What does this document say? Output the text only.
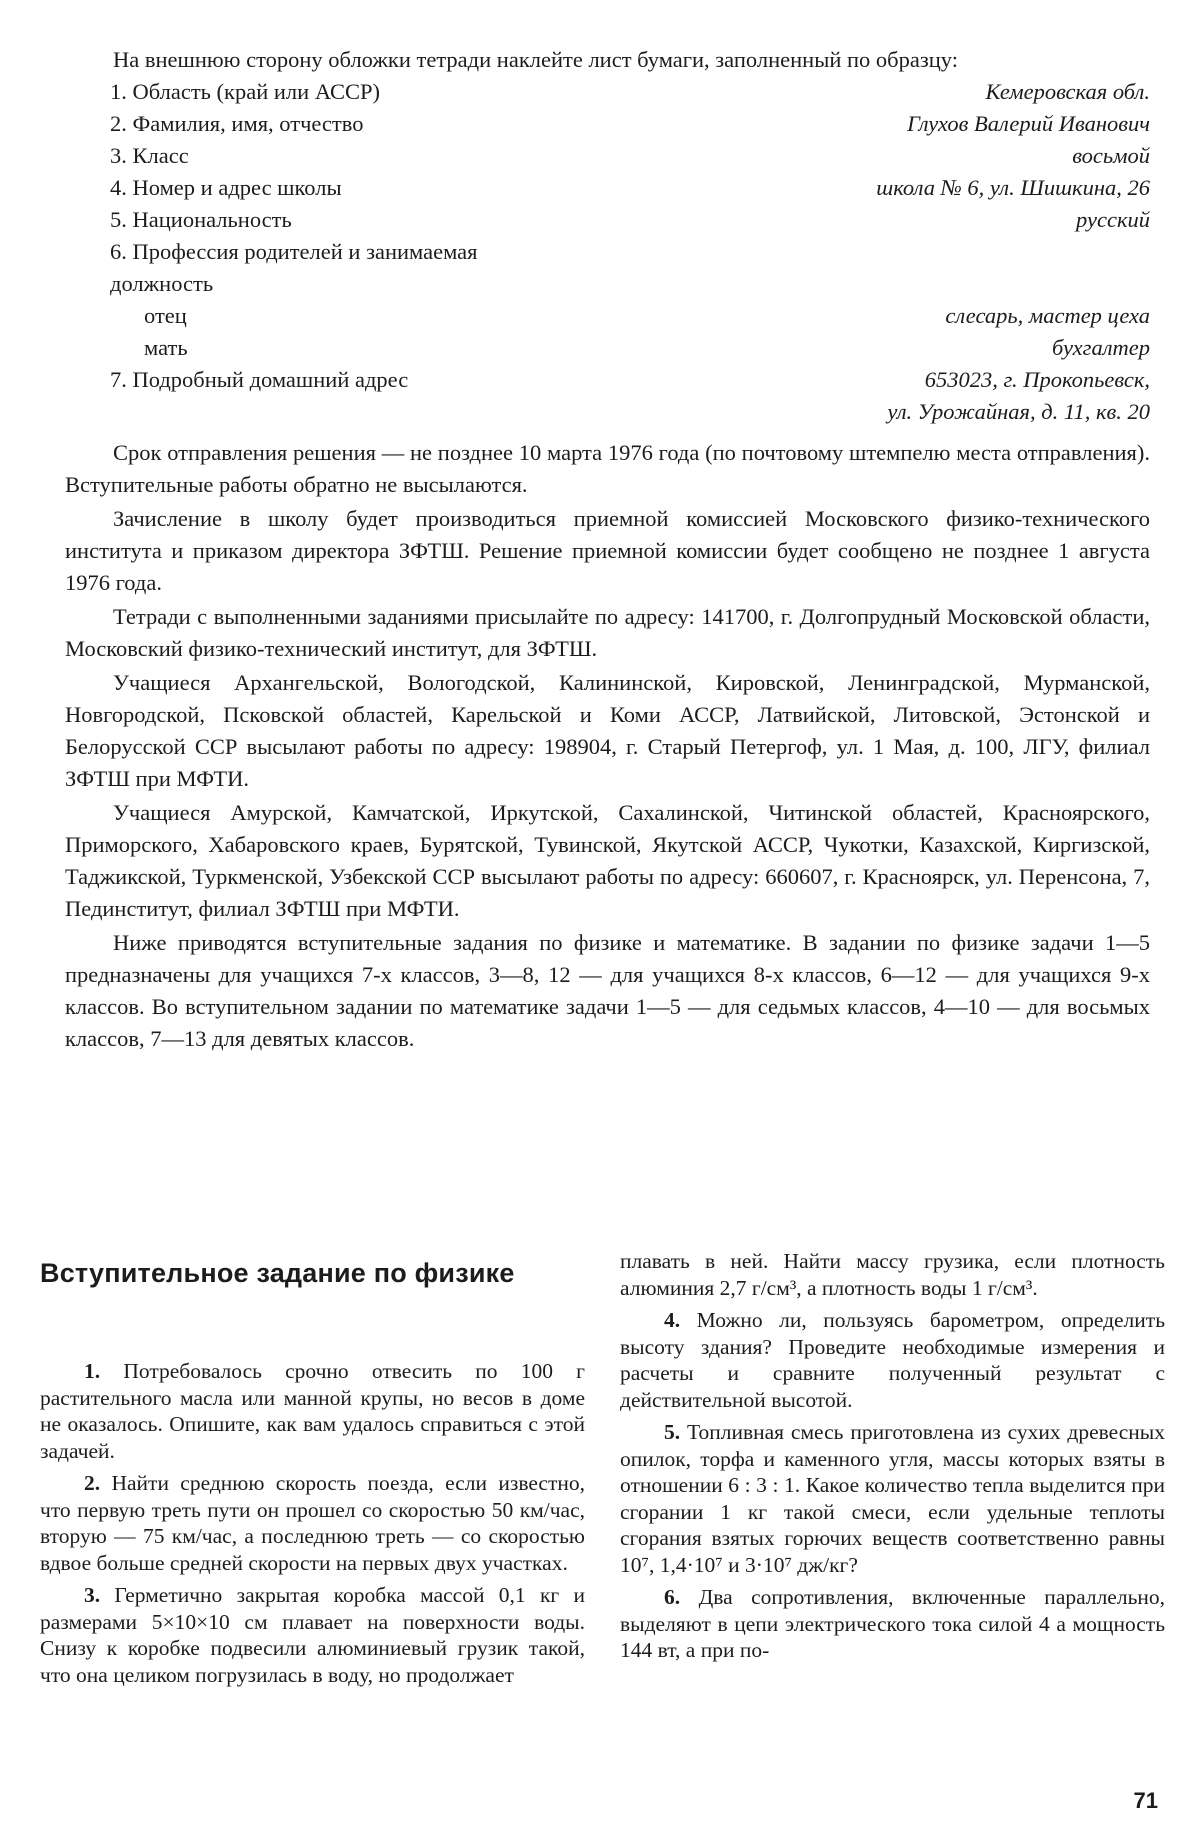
На внешнюю сторону обложки тетради наклейте лист бумаги, заполненный по образцу:
1. Область (край или АССР)	Кемеровская обл.
2. Фамилия, имя, отчество	Глухов Валерий Иванович
3. Класс	восьмой
4. Номер и адрес школы	школа № 6, ул. Шишкина, 26
5. Национальность	русский
6. Профессия родителей и занимаемая должность
отец	слесарь, мастер цеха
мать	бухгалтер
7. Подробный домашний адрес	653023, г. Прокопьевск,
ул. Урожайная, д. 11, кв. 20

Срок отправления решения — не позднее 10 марта 1976 года (по почтовому штемпелю места отправления). Вступительные работы обратно не высылаются.

Зачисление в школу будет производиться приемной комиссией Московского физико-технического института и приказом директора ЗФТШ. Решение приемной комиссии будет сообщено не позднее 1 августа 1976 года.

Тетради с выполненными заданиями присылайте по адресу: 141700, г. Долгопрудный Московской области, Московский физико-технический институт, для ЗФТШ.

Учащиеся Архангельской, Вологодской, Калининской, Кировской, Ленинградской, Мурманской, Новгородской, Псковской областей, Карельской и Коми АССР, Латвийской, Литовской, Эстонской и Белорусской ССР высылают работы по адресу: 198904, г. Старый Петергоф, ул. 1 Мая, д. 100, ЛГУ, филиал ЗФТШ при МФТИ.

Учащиеся Амурской, Камчатской, Иркутской, Сахалинской, Читинской областей, Красноярского, Приморского, Хабаровского краев, Бурятской, Тувинской, Якутской АССР, Чукотки, Казахской, Киргизской, Таджикской, Туркменской, Узбекской ССР высылают работы по адресу: 660607, г. Красноярск, ул. Перенсона, 7, Пединститут, филиал ЗФТШ при МФТИ.

Ниже приводятся вступительные задания по физике и математике. В задании по физике задачи 1—5 предназначены для учащихся 7-х классов, 3—8, 12 — для учащихся 8-х классов, 6—12 — для учащихся 9-х классов. Во вступительном задании по математике задачи 1—5 — для седьмых классов, 4—10 — для восьмых классов, 7—13 для девятых классов.

Вступительное задание по физике

1. Потребовалось срочно отвесить по 100 г растительного масла или манной крупы, но весов в доме не оказалось. Опишите, как вам удалось справиться с этой задачей.

2. Найти среднюю скорость поезда, если известно, что первую треть пути он прошел со скоростью 50 км/час, вторую — 75 км/час, а последнюю треть — со скоростью вдвое больше средней скорости на первых двух участках.

3. Герметично закрытая коробка массой 0,1 кг и размерами 5×10×10 см плавает на поверхности воды. Снизу к коробке подвесили алюминиевый грузик такой, что она целиком погрузилась в воду, но продолжает

плавать в ней. Найти массу грузика, если плотность алюминия 2,7 г/см³, а плотность воды 1 г/см³.

4. Можно ли, пользуясь барометром, определить высоту здания? Проведите необходимые измерения и расчеты и сравните полученный результат с действительной высотой.

5. Топливная смесь приготовлена из сухих древесных опилок, торфа и каменного угля, массы которых взяты в отношении 6 : 3 : 1. Какое количество тепла выделится при сгорании 1 кг такой смеси, если удельные теплоты сгорания взятых горючих веществ соответственно равны 10⁷, 1,4·10⁷ и 3·10⁷ дж/кг?

6. Два сопротивления, включенные параллельно, выделяют в цепи электрического тока силой 4 а мощность 144 вт, а при по-

71
